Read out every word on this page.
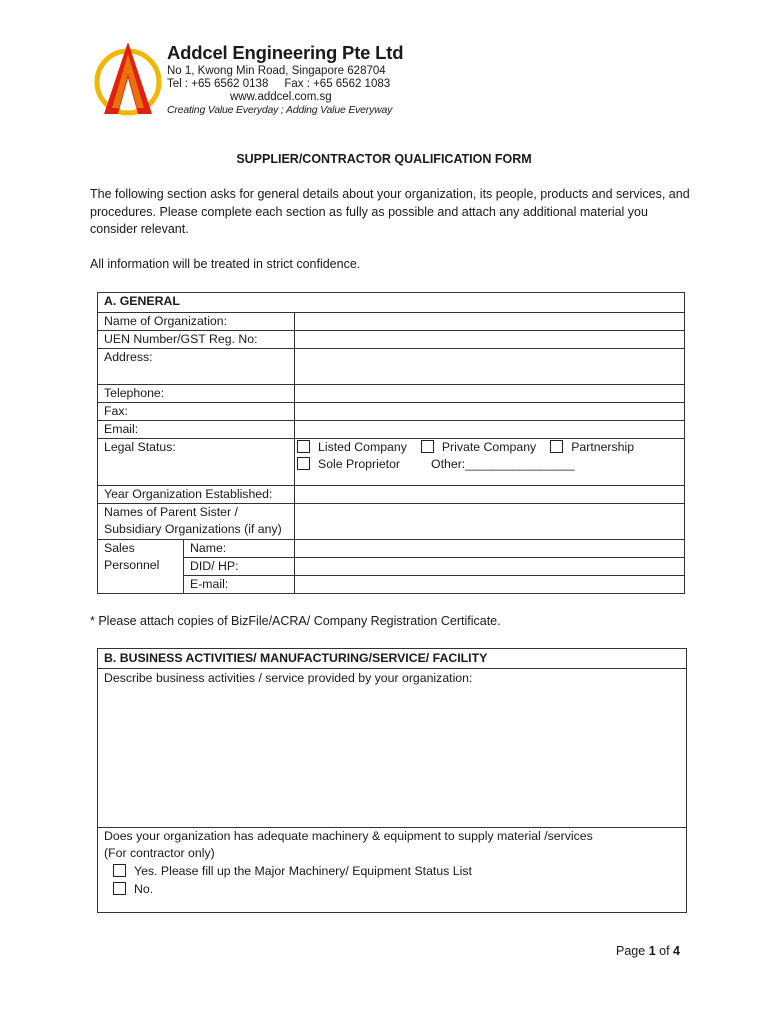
Addcel Engineering Pte Ltd
No 1, Kwong Min Road, Singapore 628704
Tel : +65 6562 0138     Fax : +65 6562 1083
www.addcel.com.sg
Creating Value Everyday ; Adding Value Everyway
SUPPLIER/CONTRACTOR QUALIFICATION FORM
The following section asks for general details about your organization, its people, products and services, and procedures. Please complete each section as fully as possible and attach any additional material you consider relevant.
All information will be treated in strict confidence.
A. GENERAL		
Name of Organization:		
UEN Number/GST Reg. No:		
Address:		
Telephone:		
Fax:		
Email:		
Legal Status:		Listed Company Private Company Partnership
Sole Proprietor Other:________________

Year Organization Established:		

Names of Parent Sister /
Subsidiary Organizations (if any)		

Sales
Personnel	Name:	
	DID/ HP:	
	E-mail:	
* Please attach copies of BizFile/ACRA/ Company Registration Certificate.
B. BUSINESS ACTIVITIES/ MANUFACTURING/SERVICE/ FACILITY
Describe business activities / service provided by your organization:
Does your organization has adequate machinery & equipment to supply material /services
(For contractor only)
Yes. Please fill up the Major Machinery/ Equipment Status List
No.
Page 1 of 4
